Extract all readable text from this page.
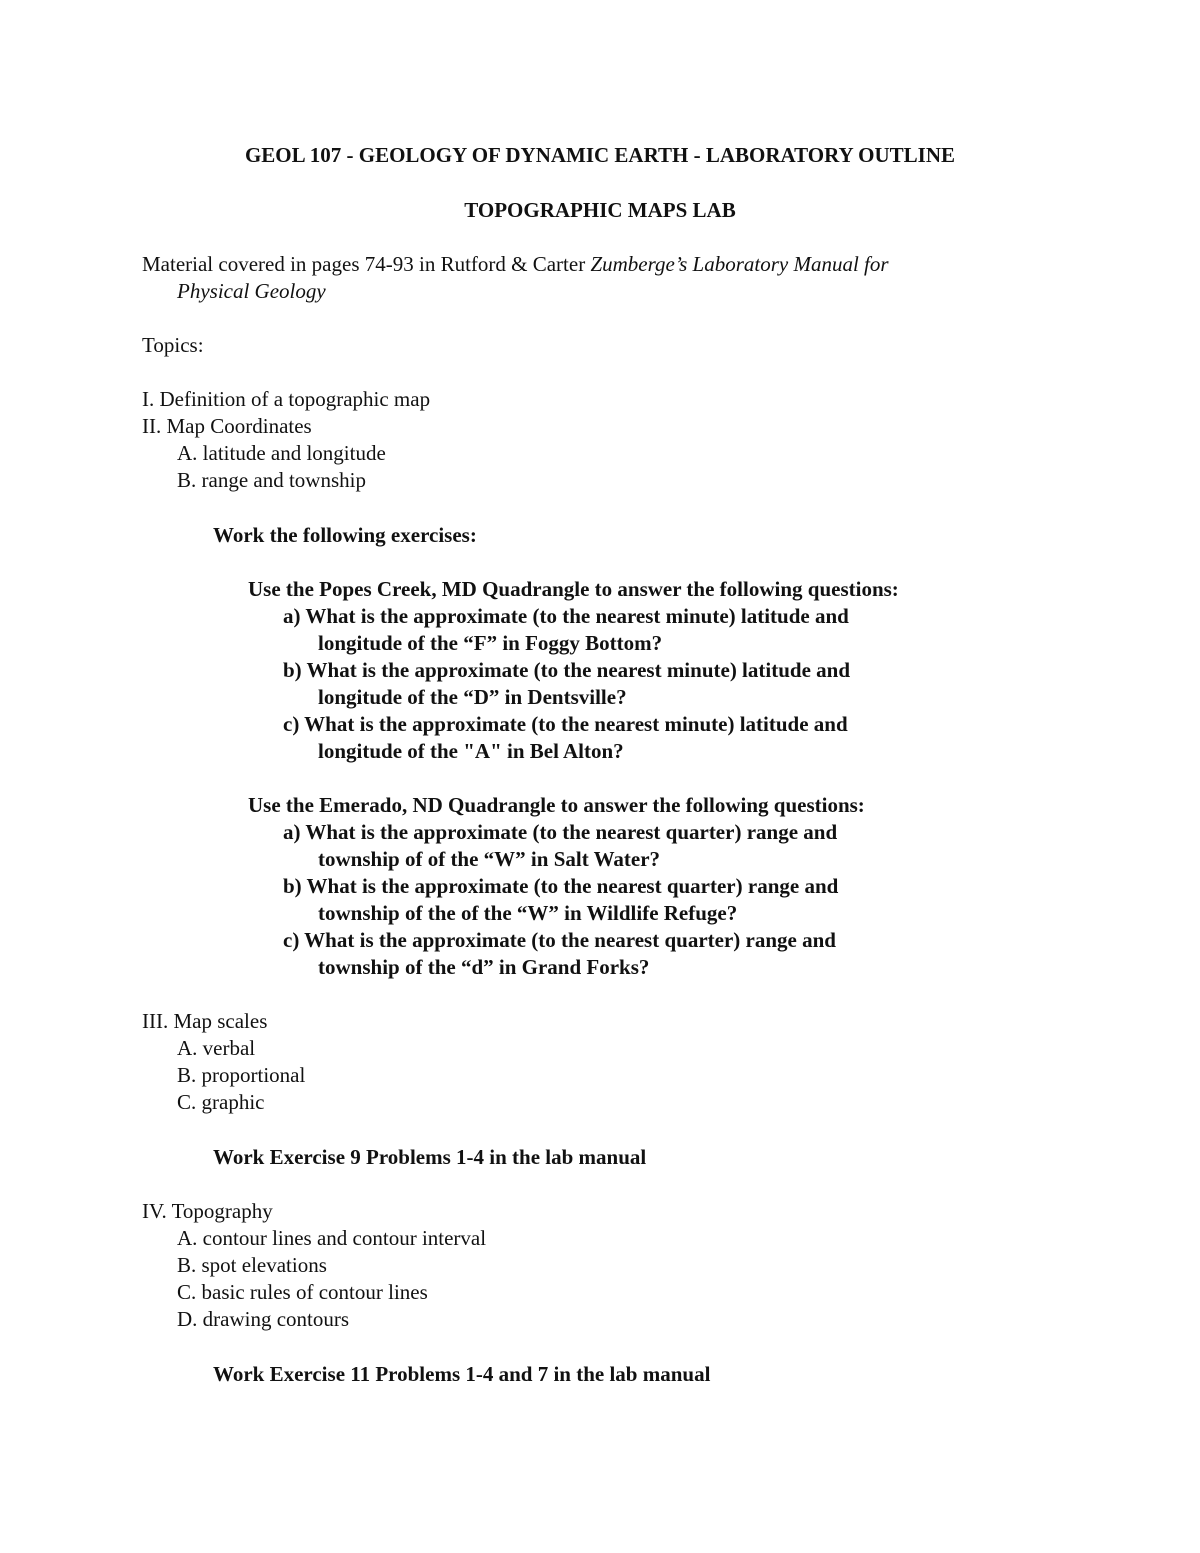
GEOL 107 - GEOLOGY OF DYNAMIC EARTH - LABORATORY OUTLINE
TOPOGRAPHIC MAPS LAB
Material covered in pages 74-93 in Rutford & Carter Zumberge’s Laboratory Manual for
Physical Geology
Topics:
I. Definition of a topographic map
II. Map Coordinates
A. latitude and longitude
B. range and township
Work the following exercises:
Use the Popes Creek, MD Quadrangle to answer the following questions:
a) What is the approximate (to the nearest minute) latitude and
longitude of the “F” in Foggy Bottom?
b) What is the approximate (to the nearest minute) latitude and
longitude of the “D” in Dentsville?
c) What is the approximate (to the nearest minute) latitude and
longitude of the "A" in Bel Alton?
Use the Emerado, ND Quadrangle to answer the following questions:
a) What is the approximate (to the nearest quarter) range and
township of of the “W” in Salt Water?
b) What is the approximate (to the nearest quarter) range and
township of the of the “W” in Wildlife Refuge?
c) What is the approximate (to the nearest quarter) range and
township of the “d” in Grand Forks?
III. Map scales
A. verbal
B. proportional
C. graphic
Work Exercise 9 Problems 1-4 in the lab manual
IV. Topography
A. contour lines and contour interval
B. spot elevations
C. basic rules of contour lines
D. drawing contours
Work Exercise 11 Problems 1-4 and 7 in the lab manual
